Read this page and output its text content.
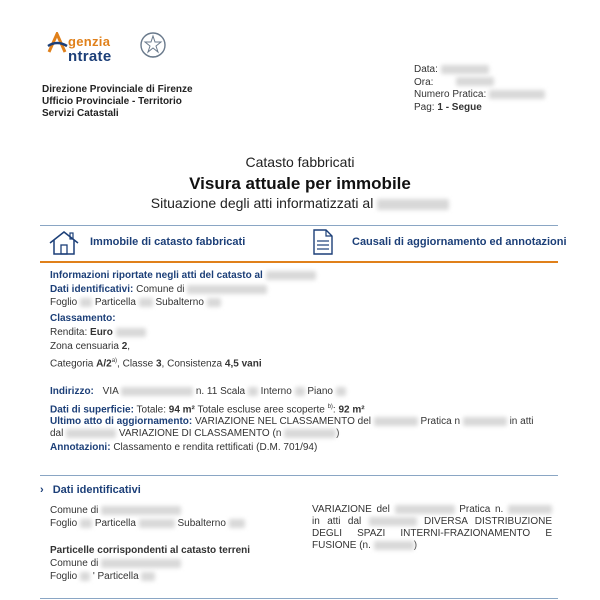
genzia
ntrate
Direzione Provinciale di Firenze
Ufficio Provinciale - Territorio
Servizi Catastali
Data:
Ora:
Numero Pratica:
Pag: 1 - Segue
Catasto fabbricati
Visura attuale per immobile
Situazione degli atti informatizzati al
Immobile di catasto fabbricati	Causali di aggiornamento ed annotazioni
Informazioni riportate negli atti del catasto al
Dati identificativi: Comune di
Foglio Particella Subalterno
Classamento:
Rendita: Euro
Zona censuaria 2,
Categoria A/2$^{a)}$, Classe 3, Consistenza 4,5 vani
Indirizzo: VIA	n. 11 Scala Interno Piano
Dati di superficie: Totale: 94 m² Totale escluse aree scoperte $^{b)}$: 92 m²
Ultimo atto di aggiornamento: VARIAZIONE NEL CLASSAMENTO del	Pratica n	in atti
dal	VARIAZIONE DI CLASSAMENTO (n	)
Annotazioni: Classamento e rendita rettificati (D.M. 701/94)
› Dati identificativi
Comune di
Foglio Particella	Subalterno
VARIAZIONE del	Pratica n.  in atti dal	DIVERSA DISTRIBUZIONE DEGLI SPAZI INTERNI-FRAZIONAMENTO E FUSIONE (n.	)
Particelle corrispondenti al catasto terreni
Comune di
Foglio ' Particella
